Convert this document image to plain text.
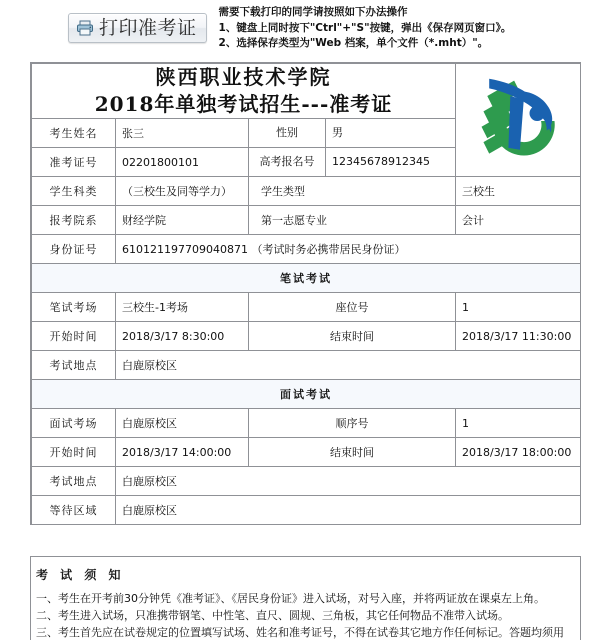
打印准考证
需要下载打印的同学请按照如下办法操作
1、键盘上同时按下"Ctrl"+"S"按键，弹出《保存网页窗口》。
2、选择保存类型为"Web 档案，单个文件（*.mht）"。
陕西职业技术学院
2018年单独考试招生---准考证

考生姓名	张三	性别 男	
准考证号	02201800101	高考报名号 12345678912345	
学生科类	（三校生及同等学力）	学生类型	三校生
报考院系	财经学院	第一志愿专业	会计
身份证号	610121197709040871 （考试时务必携带居民身份证）		
笔试考试			
笔试考场	三校生-1考场	座位号	1
开始时间	2018/3/17 8:30:00	结束时间	2018/3/17 11:30:00
考试地点	白鹿原校区		
面试考试			
面试考场	白鹿原校区	顺序号	1
开始时间	2018/3/17 14:00:00	结束时间	2018/3/17 18:00:00
考试地点	白鹿原校区		
等待区域	白鹿原校区		
考 试 须 知
一、考生在开考前30分钟凭《准考证》、《居民身份证》进入试场，对号入座，并将两证放在课桌左上角。
二、考生进入试场，只准携带钢笔、中性笔、直尺、圆规、三角板，其它任何物品不准带入试场。
三、考生首先应在试卷规定的位置填写试场、姓名和准考证号，不得在试卷其它地方作任何标记。答题均须用
